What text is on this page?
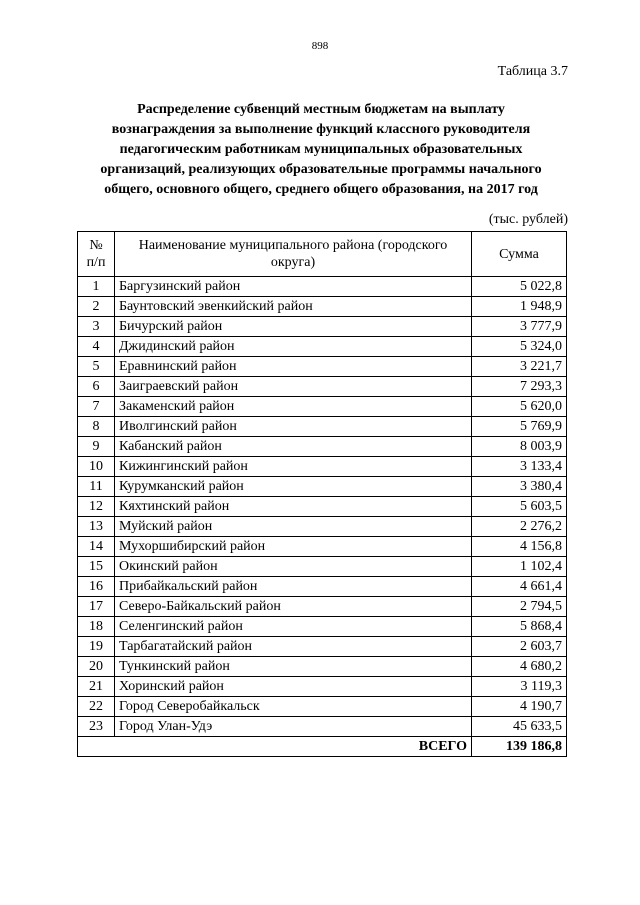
898
Таблица 3.7
Распределение субвенций местным бюджетам на выплату вознаграждения за выполнение функций классного руководителя педагогическим работникам муниципальных образовательных организаций, реализующих образовательные программы начального общего, основного общего, среднего общего образования, на 2017 год
(тыс. рублей)
№ п/п	Наименование муниципального района (городского округа)	Сумма
1	Баргузинский район	5 022,8
2	Баунтовский эвенкийский район	1 948,9
3	Бичурский район	3 777,9
4	Джидинский район	5 324,0
5	Еравнинский район	3 221,7
6	Заиграевский район	7 293,3
7	Закаменский район	5 620,0
8	Иволгинский район	5 769,9
9	Кабанский район	8 003,9
10	Кижингинский район	3 133,4
11	Курумканский район	3 380,4
12	Кяхтинский район	5 603,5
13	Муйский район	2 276,2
14	Мухоршибирский район	4 156,8
15	Окинский район	1 102,4
16	Прибайкальский район	4 661,4
17	Северо-Байкальский район	2 794,5
18	Селенгинский район	5 868,4
19	Тарбагатайский район	2 603,7
20	Тункинский район	4 680,2
21	Хоринский район	3 119,3
22	Город Северобайкальск	4 190,7
23	Город Улан-Удэ	45 633,5
ВСЕГО		139 186,8
